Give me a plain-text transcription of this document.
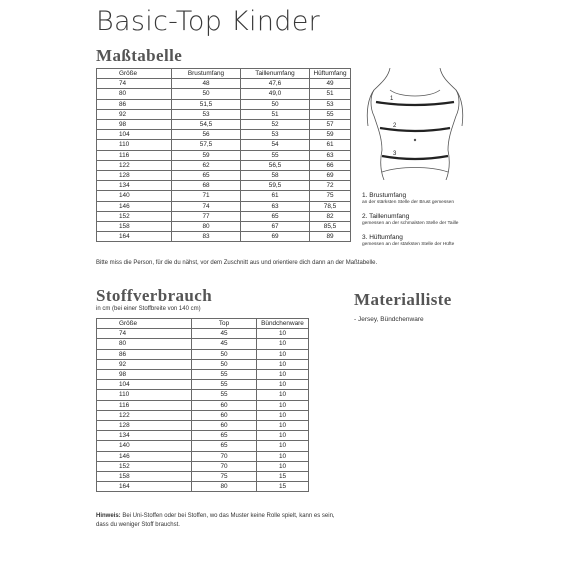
Basic-Top Kinder
Maßtabelle
Größe	Brustumfang	Taillenumfang	Hüftumfang
74	48	47,6	49
80	50	49,0	51
86	51,5	50	53
92	53	51	55
98	54,5	52	57
104	56	53	59
110	57,5	54	61
116	59	55	63
122	62	56,5	66
128	65	58	69
134	68	59,5	72
140	71	61	75
146	74	63	78,5
152	77	65	82
158	80	67	85,5
164	83	69	89
Bitte miss die Person, für die du nähst, vor dem Zuschnitt aus und orientiere dich dann an der Maßtabelle.
1
2
3
1. Brustumfang
an der stärksten Stelle der Brust gemessen
2. Taillenumfang
gemessen an der schmalsten Stelle der Taille
3. Hüftumfang
gemessen an der stärksten Stelle der Hüfte
Stoffverbrauch
in cm (bei einer Stoffbreite von 140 cm)
Größe	Top	Bündchenware
74	45	10
80	45	10
86	50	10
92	50	10
98	55	10
104	55	10
110	55	10
116	60	10
122	60	10
128	60	10
134	65	10
140	65	10
146	70	10
152	70	10
158	75	15
164	80	15
Hinweis: Bei Uni-Stoffen oder bei Stoffen, wo das Muster keine Rolle spielt, kann es sein, dass du weniger Stoff brauchst.
Materialliste
- Jersey, Bündchenware
